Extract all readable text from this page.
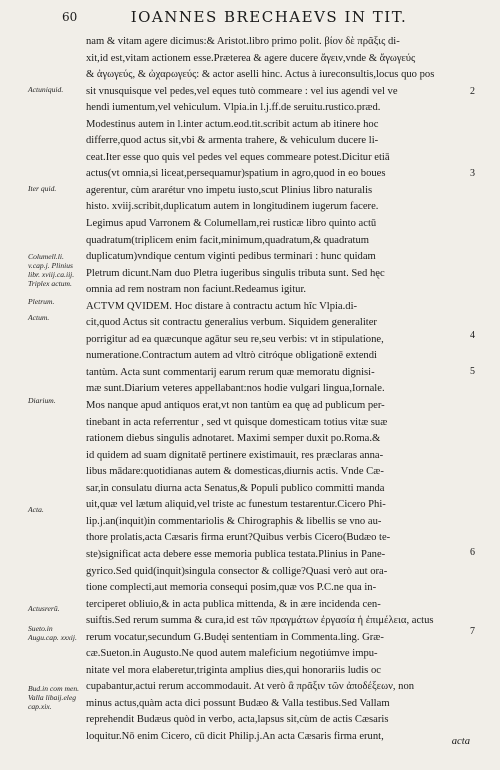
60	IOANNES BRECHAEVS IN TIT.
nam & vitam agere dicimus:& Aristot.libro primo polit. βίον δὲ πρᾶξις di-
xit,id est,vitam actionem esse.Præterea & agere ducere ἄγειν,vnde & ἄγωγεύς
& ἀγωγεύς, & ὠχαρωγεύς: & actor aselli hinc. Actus à iureconsultis,locus quo pos
sit vnusquisque vel pedes,vel eques tutò commeare : vel ius agendi vel ve
hendi iumentum,vel vehiculum. Vlpia.in l.j.ff.de seruitu.rustico.præd.
Modestinus autem in l.inter actum.eod.tit.scribit actum ab itinere hoc
differre,quod actus sit,vbi & armenta trahere, & vehiculum ducere li-
ceat.Iter esse quo quis vel pedes vel eques commeare potest.Dicitur etiā
actus(vt omnia,si liceat,persequamur)spatium in agro,quod in eo boues
agerentur, cùm ararétur vno impetu iusto,scut Plinius libro naturalis
histo. xviij.scribit,duplicatum autem in longitudinem iugerum facere.
Legimus apud Varronem & Columellam,rei rusticæ libro quinto actū
quadratum(triplicem enim facit,minimum,quadratum,& quadratum
duplicatum)vndique centum viginti pedibus terminari : hunc quidam
Pletrum dicunt.Nam duo Pletra iugeribus singulis tributa sunt. Sed hęc
omnia ad rem nostram non faciunt.Redeamus igitur.
ACTVM QVIDEM. Hoc distare à contractu actum hîc Vlpia.di-
cit,quod Actus sit contractu generalius verbum. Siquidem generaliter
porrigitur ad ea quæcunque agātur seu re,seu verbis: vt in stipulatione,
numeratione.Contractum autem ad vltrò citróque obligationē extendi
tantùm. Acta sunt commentarij earum rerum quæ memoratu dignisi-
mæ sunt.Diarium veteres appellabant:nos hodie vulgari lingua,Iornale.
Mos nanque apud antiquos erat,vt non tantùm ea quę ad publicum per-
tinebant in acta referrentur , sed vt quisque domesticam totius vitæ suæ
rationem diebus singulis adnotaret. Maximi semper duxit po.Roma.&
id quidem ad suam dignitatē pertinere existimauit, res præclaras anna-
libus mādare:quotidianas autem & domesticas,diurnis actis. Vnde Cæ-
sar,in consulatu diurna acta Senatus,& Populi publico committi manda
uit,quæ vel lætum aliquid,vel triste ac funestum testarentur.Cicero Phi-
lip.j.an(inquit)in commentariolis & Chirographis & libellis se vno au-
thore prolatis,acta Cæsaris firma erunt?Quibus verbis Cicero(Budæo te-
ste)significat acta debere esse memoria publica testata.Plinius in Pane-
gyrico.Sed quid(inquit)singula consector & collige?Quasi verò aut ora-
tione complecti,aut memoria consequi posim,quæ vos P.C.ne qua in-
terciperet obliuio,& in acta publica mittenda, & in ære incidenda cen-
suiftis.Sed rerum summa & cura,id est τῶν πραγμάτων ἐργασία ἡ ἐπιμέλεια, actus
rerum vocatur,secundum G.Budęi sententiam in Commenta.ling. Græ-
cæ.Sueton.in Augusto.Ne quod autem maleficium negotiúmve impu-
nitate vel mora elaberetur,triginta amplius dies,qui honorariis ludis oc
cupabantur,actui rerum accommodauit. At verò ἃ πρᾶξιν τῶν ἀποδέξεων, non
minus actus,quàm acta dici possunt Budæo & Valla testibus.Sed Vallam
reprehendit Budæus quòd in verbo, acta,lapsus sit,cùm de actis Cæsaris
loquitur.Nō enim Cicero, cū dicit Philip.j.An acta Cæsaris firma erunt,
Actuniquid.
Iter quid.
Columell.li. v.cap.j. Plinius libr. xviij.ca.iij. Triplex actum.
Pletrum.
Actum.
Diarium.
Acta.
Actusrerū.
Sueto.in Augu.cap. xxxij.
Bud.in com men. Valla libaij.eleg cap.xix.
2
3
4
5
6
7
acta
